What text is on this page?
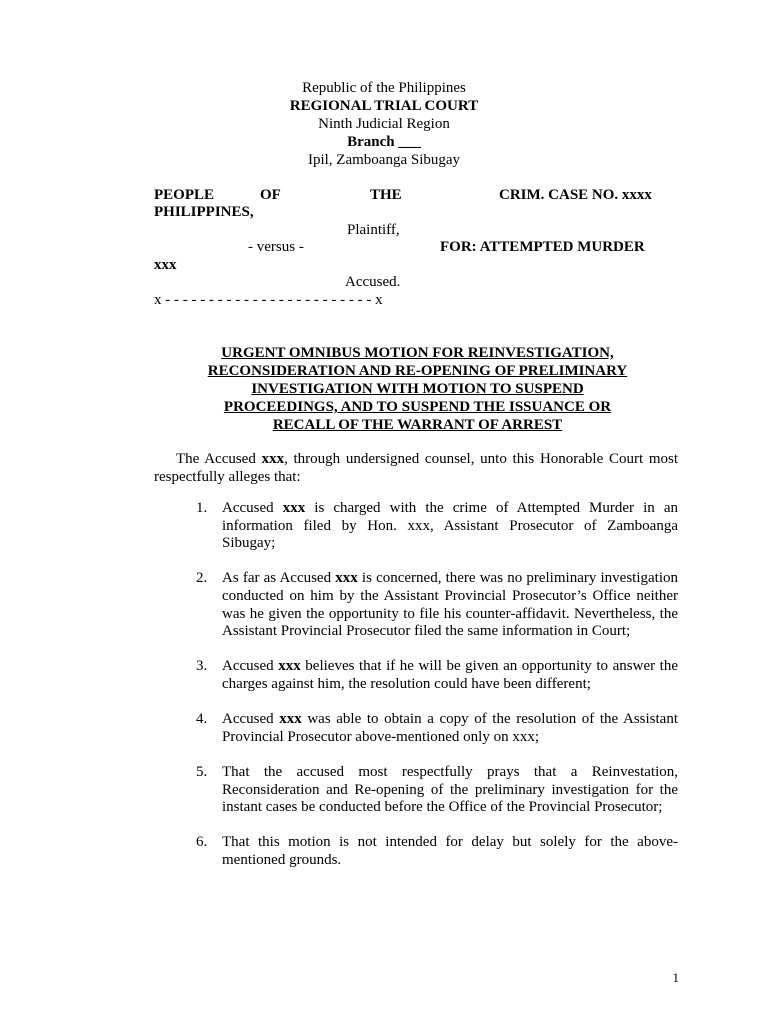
Republic of the Philippines
REGIONAL TRIAL COURT
Ninth Judicial Region
Branch ___
Ipil, Zamboanga Sibugay
PEOPLE	OF	THE	CRIM. CASE NO. xxxx
PHILIPPINES,
Plaintiff,
- versus -	FOR: ATTEMPTED MURDER
xxx
Accused.
x - - - - - - - - - - - - - - - - - - - - - - - - x
URGENT OMNIBUS MOTION FOR REINVESTIGATION,
RECONSIDERATION AND RE-OPENING OF PRELIMINARY
INVESTIGATION WITH MOTION TO SUSPEND
PROCEEDINGS, AND TO SUSPEND THE ISSUANCE OR
RECALL OF THE WARRANT OF ARREST
The Accused xxx, through undersigned counsel, unto this Honorable Court most respectfully alleges that:
1. Accused xxx is charged with the crime of Attempted Murder in an information filed by Hon. xxx, Assistant Prosecutor of Zamboanga Sibugay;
2. As far as Accused xxx is concerned, there was no preliminary investigation conducted on him by the Assistant Provincial Prosecutor’s Office neither was he given the opportunity to file his counter-affidavit. Nevertheless, the Assistant Provincial Prosecutor filed the same information in Court;
3. Accused xxx believes that if he will be given an opportunity to answer the charges against him, the resolution could have been different;
4. Accused xxx was able to obtain a copy of the resolution of the Assistant Provincial Prosecutor above-mentioned only on xxx;
5. That the accused most respectfully prays that a Reinvestation, Reconsideration and Re-opening of the preliminary investigation for the instant cases be conducted before the Office of the Provincial Prosecutor;
6. That this motion is not intended for delay but solely for the above-mentioned grounds.
1
